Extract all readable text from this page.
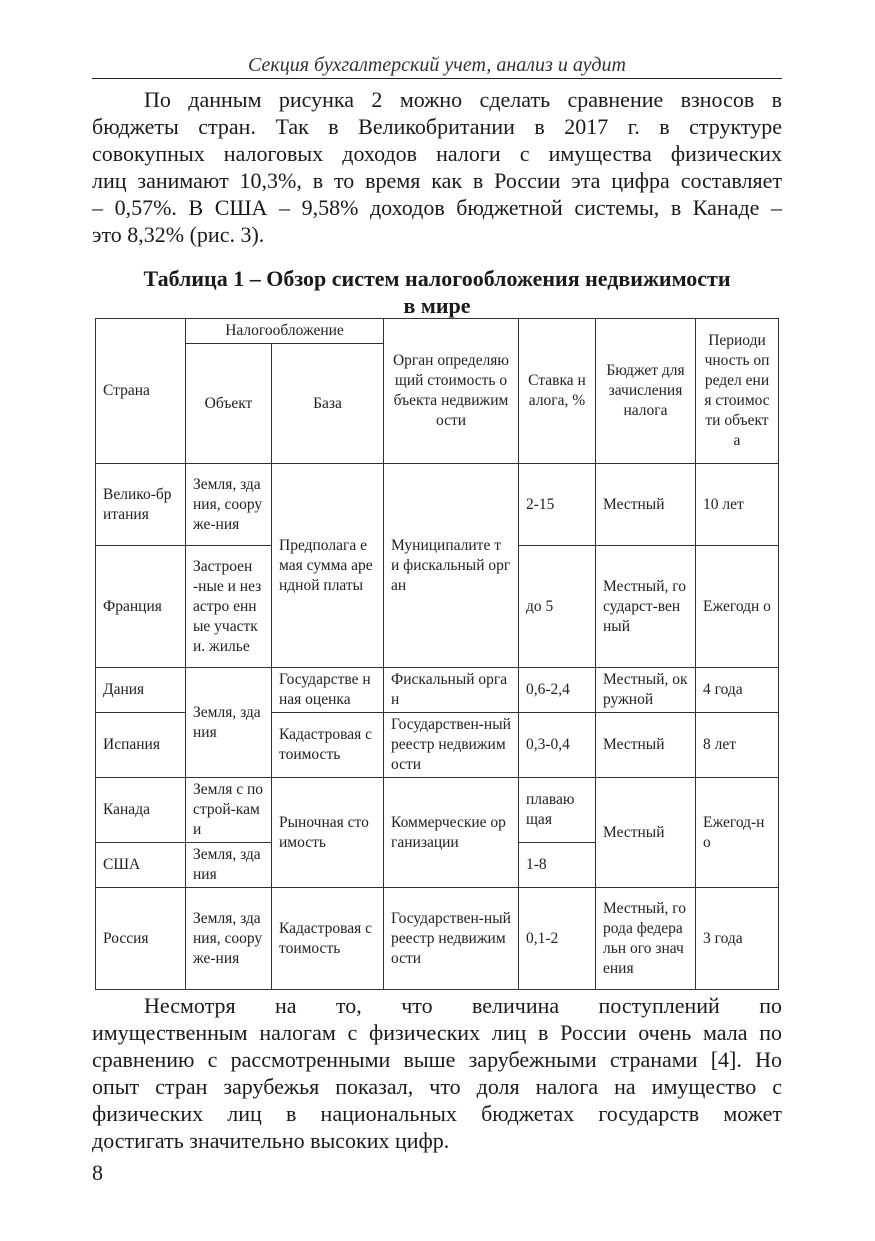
Секция бухгалтерский учет, анализ и аудит
По данным рисунка 2 можно сделать сравнение взносов в
бюджеты стран. Так в Великобритании в 2017 г. в структуре
совокупных налоговых доходов налоги с имущества физических
лиц занимают 10,3%, в то время как в России эта цифра составляет
– 0,57%. В США – 9,58% доходов бюджетной системы, в Канаде –
это 8,32% (рис. 3).
Таблица 1 – Обзор систем налогообложения недвижимости
в мире
Страна	Налогообложение		Орган определяющий стоимость объекта недвижимости	Ставка налога, %	Бюджет для зачисления налога	Периоди чность определ ения стоимос ти объекта
	Объект	База				
Велико-британия	Земля, здания, сооруже-ния	Предполага емая сумма арендной платы	Муниципалите т и фискальный орган	2-15	Местный	10 лет
Франция	Застроен -ные и незастро енные участки. жилье			до 5	Местный, государст-венный	Ежегодн о
Дания	Земля, здания	Государстве нная оценка	Фискальный орган	0,6-2,4	Местный, окружной	4 года
Испания		Кадастровая стоимость	Государствен-ный реестр недвижимости	0,3-0,4	Местный	8 лет
Канада	Земля с построй-ками	Рыночная стоимость	Коммерческие организации	плаваю щая	Местный	Ежегод-но
США	Земля, здания			1-8		
Россия	Земля, здания, сооруже-ния	Кадастровая стоимость	Государствен-ный реестр недвижимости	0,1-2	Местный, города федеральн ого значения	3 года
Несмотря на то, что величина поступлений по
имущественным налогам с физических лиц в России очень мала по
сравнению с рассмотренными выше зарубежными странами [4]. Но
опыт стран зарубежья показал, что доля налога на имущество с
физических лиц в национальных бюджетах государств может
достигать значительно высоких цифр.
8
